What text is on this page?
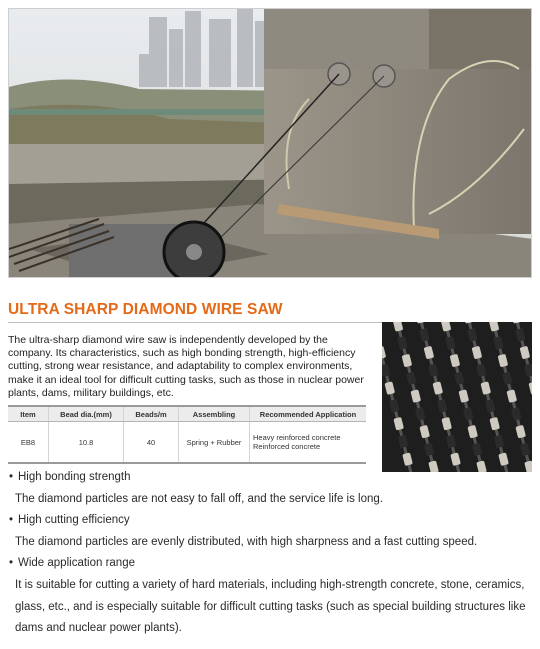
ULTRA SHARP DIAMOND WIRE SAW
The ultra-sharp diamond wire saw is independently developed by the company. Its characteristics, such as high bonding strength, high-efficiency cutting, strong wear resistance, and adaptability to complex environments, make it an ideal tool for difficult cutting tasks, such as those in nuclear power plants, dams, military buildings, etc.
Item	Bead dia.(mm)	Beads/m	Assembling	Recommended Application
EB8	10.8	40	Spring + Rubber	Heavy reinforced concrete
Reinforced concrete
• High bonding strength
The diamond particles are not easy to fall off, and the service life is long.
• High cutting efficiency
The diamond particles are evenly distributed, with high sharpness and a fast cutting speed.
• Wide application range
It is suitable for cutting a variety of hard materials, including high-strength concrete, stone, ceramics,
glass, etc., and is especially suitable for difficult cutting tasks (such as special building structures like
dams and nuclear power plants).
